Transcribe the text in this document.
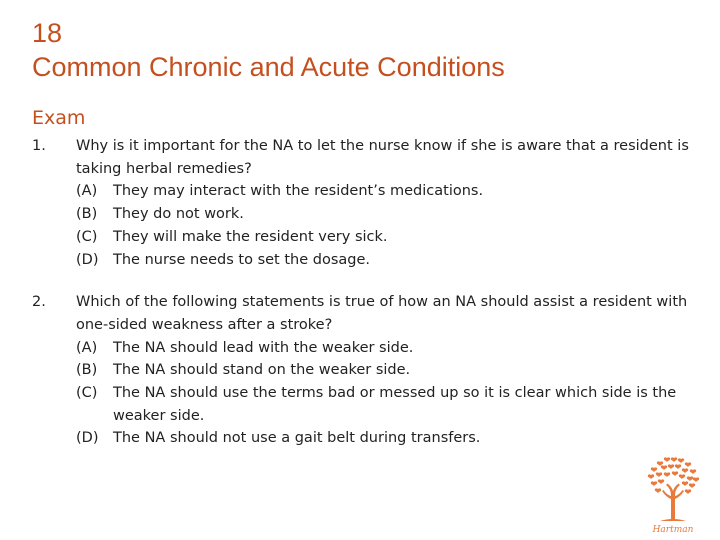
18
Common Chronic and Acute Conditions
Exam
1.	Why is it important for the NA to let the nurse know if she is aware that a resident is taking herbal remedies?
(A)	They may interact with the resident’s medications.
(B)	They do not work.
(C)	They will make the resident very sick.
(D)	The nurse needs to set the dosage.
2.	Which of the following statements is true of how an NA should assist a resident with one-sided weakness after a stroke?
(A)	The NA should lead with the weaker side.
(B)	The NA should stand on the weaker side.
(C)	The NA should use the terms bad or messed up so it is clear which side is the weaker side.
(D)	The NA should not use a gait belt during transfers.
Hartman
